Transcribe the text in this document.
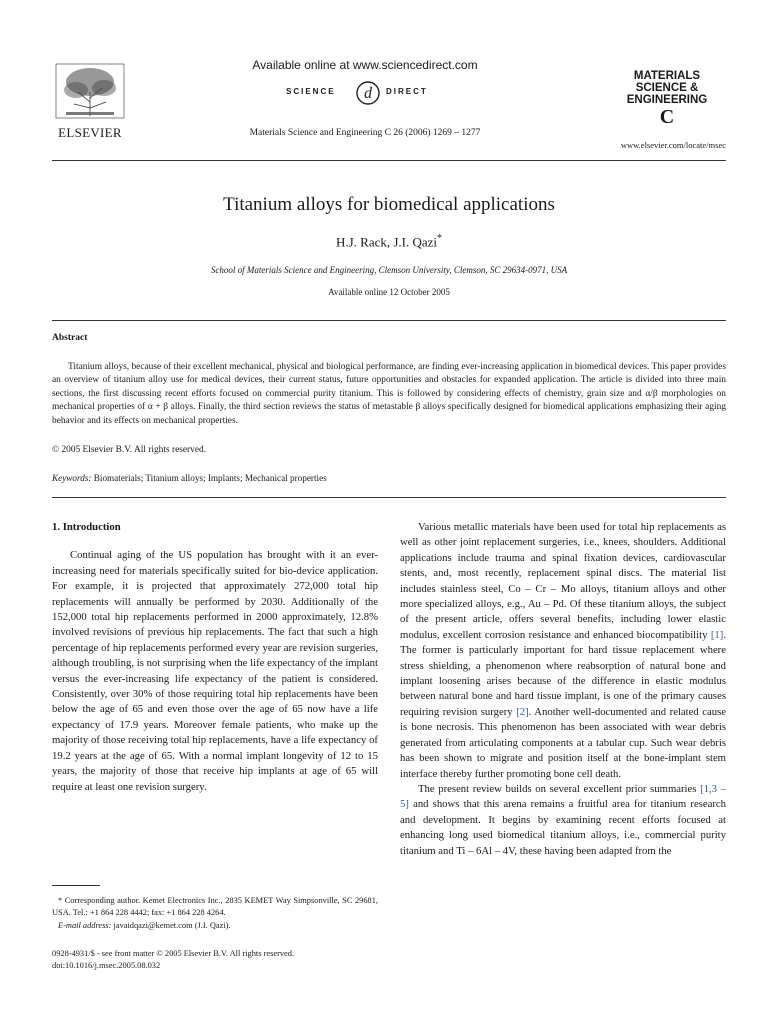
ELSEVIER
Available online at www.sciencedirect.com
SCIENCE d DIRECT
Materials Science and Engineering C 26 (2006) 1269 – 1277
MATERIALS
SCIENCE &
ENGINEERING
C
www.elsevier.com/locate/msec
Titanium alloys for biomedical applications
H.J. Rack, J.I. Qazi*
School of Materials Science and Engineering, Clemson University, Clemson, SC 29634-0971, USA
Available online 12 October 2005
Abstract

Titanium alloys, because of their excellent mechanical, physical and biological performance, are finding ever-increasing application in biomedical devices. This paper provides an overview of titanium alloy use for medical devices, their current status, future opportunities and obstacles for expanded application. The article is divided into three main sections, the first discussing recent efforts focused on commercial purity titanium. This is followed by considering effects of chemistry, grain size and α/β morphologies on mechanical properties of α + β alloys. Finally, the third section reviews the status of metastable β alloys specifically designed for biomedical applications emphasizing their aging behavior and its effects on mechanical properties.

© 2005 Elsevier B.V. All rights reserved.
Keywords: Biomaterials; Titanium alloys; Implants; Mechanical properties

1. Introduction

Continual aging of the US population has brought with it an ever-increasing need for materials specifically suited for bio-device application. For example, it is projected that approximately 272,000 total hip replacements will annually be performed by 2030. Additionally of the 152,000 total hip replacements performed in 2000 approximately, 12.8% involved revisions of previous hip replacements. The fact that such a high percentage of hip replacements performed every year are revision surgeries, although troubling, is not surprising when the life expectancy of the implant versus the ever-increasing life expectancy of the patient is considered. Consistently, over 30% of those requiring total hip replacements have been below the age of 65 and even those over the age of 65 now have a life expectancy of 17.9 years. Moreover female patients, who make up the majority of those receiving total hip replacements, have a life expectancy of 19.2 years at the age of 65. With a normal implant longevity of 12 to 15 years, the majority of those that receive hip implants at age of 65 will require at least one revision surgery.

* Corresponding author. Kemet Electronics Inc., 2835 KEMET Way Simpsonville, SC 29681, USA. Tel.: +1 864 228 4442; fax: +1 864 228 4264.

E-mail address: javaidqazi@kemet.com (J.I. Qazi).

0928-4931/$ - see front matter © 2005 Elsevier B.V. All rights reserved.
doi:10.1016/j.msec.2005.08.032

Various metallic materials have been used for total hip replacements as well as other joint replacement surgeries, i.e., knees, shoulders. Additional applications include trauma and spinal fixation devices, cardiovascular stents, and, most recently, replacement spinal discs. The material list includes stainless steel, Co – Cr – Mo alloys, titanium alloys and other more specialized alloys, e.g., Au – Pd. Of these titanium alloys, the subject of the present article, offers several benefits, including lower elastic modulus, excellent corrosion resistance and enhanced biocompatibility [1]. The former is particularly important for hard tissue replacement where stress shielding, a phenomenon where reabsorption of natural bone and implant loosening arises because of the difference in elastic modulus between natural bone and hard tissue implant, is one of the primary causes requiring revision surgery [2]. Another well-documented and related cause is bone necrosis. This phenomenon has been associated with wear debris generated from articulating components at a tabular cup. Such wear debris has been shown to migrate and position itself at the bone-implant stem interface thereby further promoting bone cell death.

The present review builds on several excellent prior summaries [1,3 – 5] and shows that this arena remains a fruitful area for titanium research and development. It begins by examining recent efforts focused at enhancing long used biomedical titanium alloys, i.e., commercial purity titanium and Ti – 6Al – 4V, these having been adapted from the
